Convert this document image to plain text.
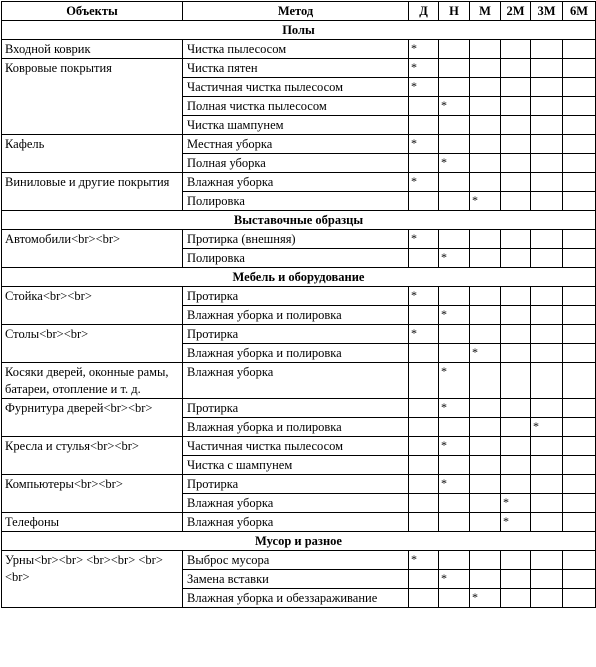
Объекты	Метод	Д	Н	М	2М	3М	6М
Полы							
Входной коврик	Чистка пылесосом	*					
Ковровые покрытия	Чистка пятен	*					
	Частичная чистка пылесосом	*					
	Полная чистка пылесосом		*				
	Чистка шампунем						
Кафель	Местная уборка	*					
	Полная уборка		*				
Виниловые и другие покрытия	Влажная уборка	*					
	Полировка			*			
Выставочные образцы							
Автомобили<br><br>	Протирка (внешняя)	*					
	Полировка		*				
Мебель и оборудование							
Стойка<br><br>	Протирка	*					
	Влажная уборка и полировка		*				
Столы<br><br>	Протирка	*					
	Влажная уборка и полировка			*			
Косяки дверей, оконные рамы, батареи, отопление и т. д.	Влажная уборка		*				
Фурнитура дверей<br><br>	Протирка		*				
	Влажная уборка и полировка					*	
Кресла и стулья<br><br>	Частичная чистка пылесосом		*				
	Чистка с шампунем						
Компьютеры<br><br>	Протирка		*				
	Влажная уборка				*		
Телефоны	Влажная уборка				*		
Мусор и разное							
Урны<br><br> <br><br> <br><br>	Выброс мусора	*					
	Замена вставки		*				
	Влажная уборка и обеззараживание			*			
